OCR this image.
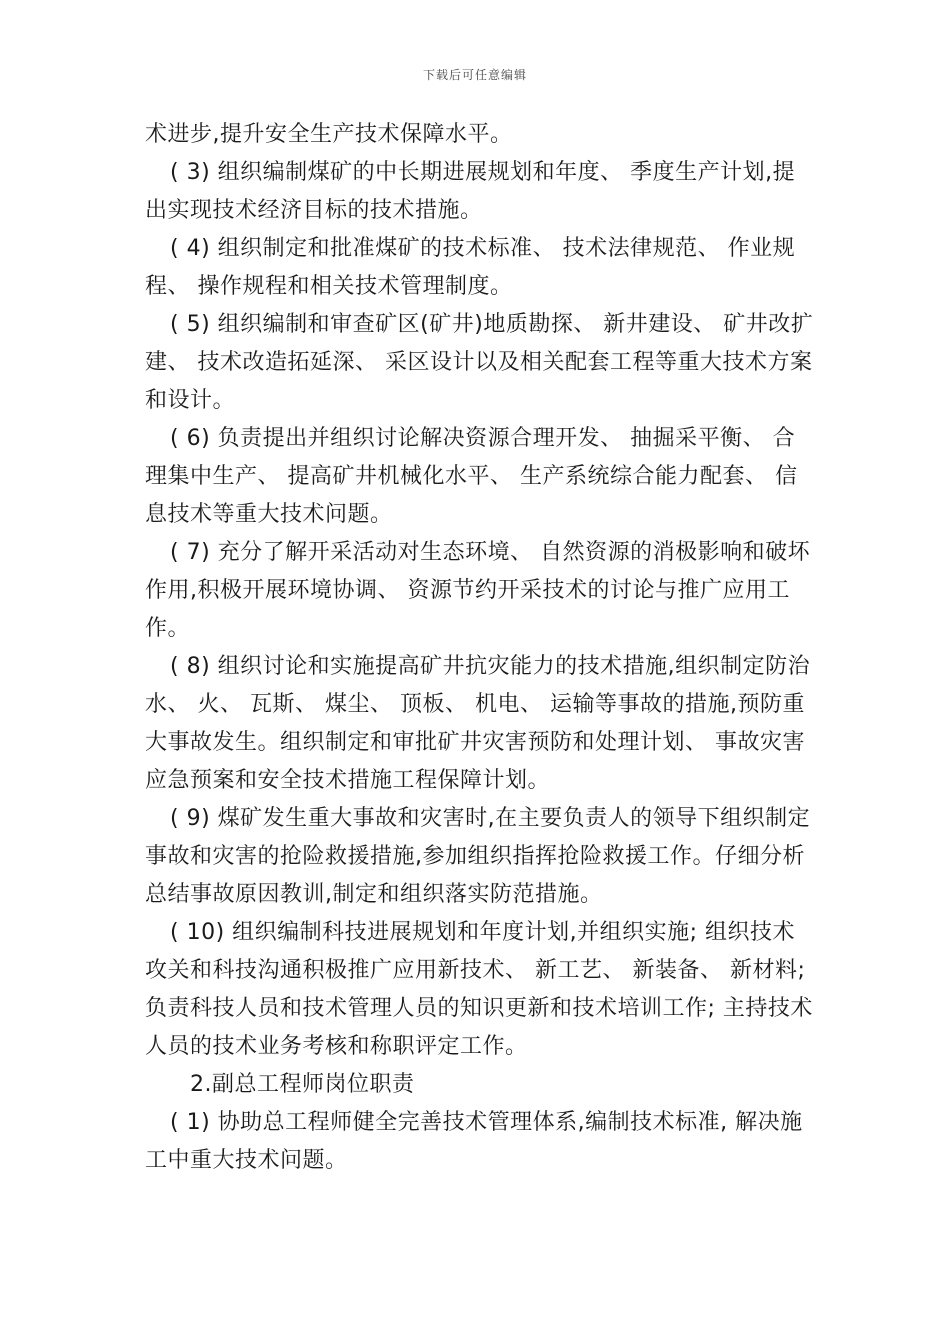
下载后可任意编辑

术进步,提升安全生产技术保障水平。

( 3) 组织编制煤矿的中长期进展规划和年度、 季度生产计划,提出实现技术经济目标的技术措施。

( 4) 组织制定和批准煤矿的技术标准、 技术法律规范、 作业规程、 操作规程和相关技术管理制度。

( 5) 组织编制和审查矿区(矿井)地质勘探、 新井建设、 矿井改扩建、 技术改造拓延深、 采区设计以及相关配套工程等重大技术方案和设计。

( 6) 负责提出并组织讨论解决资源合理开发、 抽掘采平衡、 合理集中生产、 提高矿井机械化水平、 生产系统综合能力配套、 信息技术等重大技术问题。

( 7) 充分了解开采活动对生态环境、 自然资源的消极影响和破坏作用,积极开展环境协调、 资源节约开采技术的讨论与推广应用工作。

( 8) 组织讨论和实施提高矿井抗灾能力的技术措施,组织制定防治水、 火、 瓦斯、 煤尘、 顶板、 机电、 运输等事故的措施,预防重大事故发生。组织制定和审批矿井灾害预防和处理计划、 事故灾害应急预案和安全技术措施工程保障计划。

( 9) 煤矿发生重大事故和灾害时,在主要负责人的领导下组织制定事故和灾害的抢险救援措施,参加组织指挥抢险救援工作。仔细分析总结事故原因教训,制定和组织落实防范措施。

( 10) 组织编制科技进展规划和年度计划,并组织实施; 组织技术攻关和科技沟通积极推广应用新技术、 新工艺、 新装备、 新材料; 负责科技人员和技术管理人员的知识更新和技术培训工作; 主持技术人员的技术业务考核和称职评定工作。

2.副总工程师岗位职责

( 1) 协助总工程师健全完善技术管理体系,编制技术标准, 解决施工中重大技术问题。
